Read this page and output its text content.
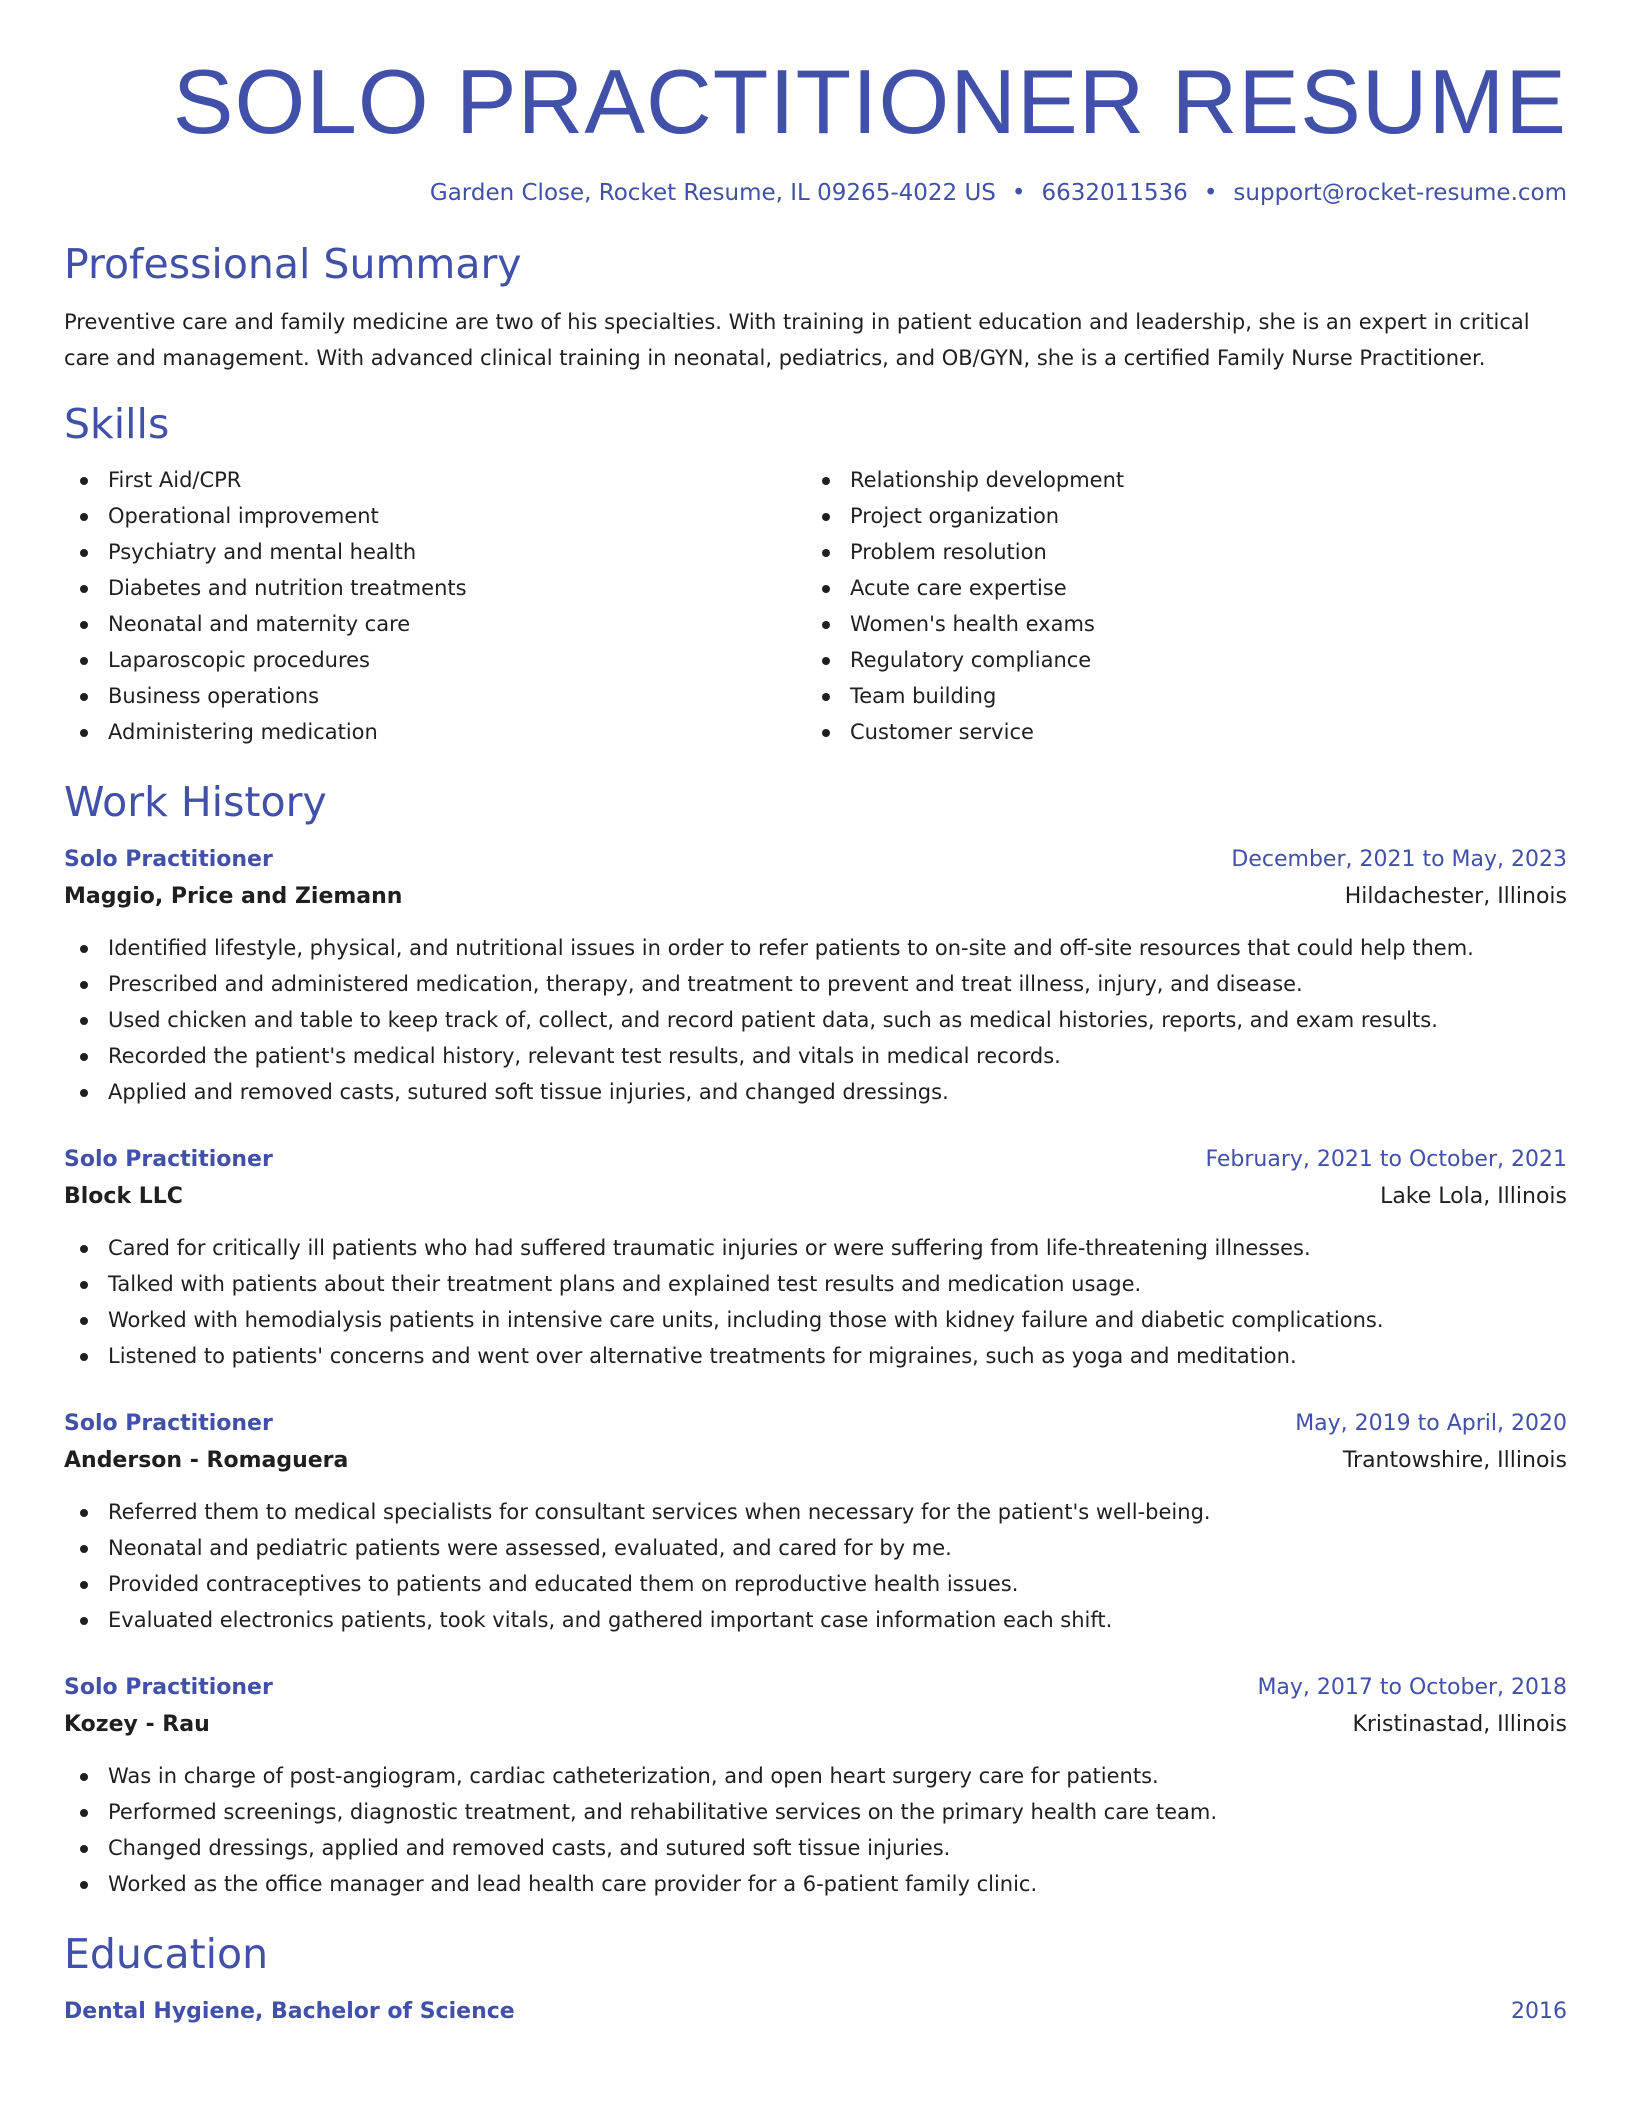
SOLO PRACTITIONER RESUME
Garden Close, Rocket Resume, IL 09265-4022 US • 6632011536 • support@rocket-resume.com
Professional Summary
Preventive care and family medicine are two of his specialties. With training in patient education and leadership, she is an expert in critical care and management. With advanced clinical training in neonatal, pediatrics, and OB/GYN, she is a certified Family Nurse Practitioner.
Skills
First Aid/CPR
Operational improvement
Psychiatry and mental health
Diabetes and nutrition treatments
Neonatal and maternity care
Laparoscopic procedures
Business operations
Administering medication
Relationship development
Project organization
Problem resolution
Acute care expertise
Women's health exams
Regulatory compliance
Team building
Customer service
Work History
Solo Practitioner	December, 2021 to May, 2023
Maggio, Price and Ziemann	Hildachester, Illinois
Identified lifestyle, physical, and nutritional issues in order to refer patients to on-site and off-site resources that could help them.
Prescribed and administered medication, therapy, and treatment to prevent and treat illness, injury, and disease.
Used chicken and table to keep track of, collect, and record patient data, such as medical histories, reports, and exam results.
Recorded the patient's medical history, relevant test results, and vitals in medical records.
Applied and removed casts, sutured soft tissue injuries, and changed dressings.
Solo Practitioner	February, 2021 to October, 2021
Block LLC	Lake Lola, Illinois
Cared for critically ill patients who had suffered traumatic injuries or were suffering from life-threatening illnesses.
Talked with patients about their treatment plans and explained test results and medication usage.
Worked with hemodialysis patients in intensive care units, including those with kidney failure and diabetic complications.
Listened to patients' concerns and went over alternative treatments for migraines, such as yoga and meditation.
Solo Practitioner	May, 2019 to April, 2020
Anderson - Romaguera	Trantowshire, Illinois
Referred them to medical specialists for consultant services when necessary for the patient's well-being.
Neonatal and pediatric patients were assessed, evaluated, and cared for by me.
Provided contraceptives to patients and educated them on reproductive health issues.
Evaluated electronics patients, took vitals, and gathered important case information each shift.
Solo Practitioner	May, 2017 to October, 2018
Kozey - Rau	Kristinastad, Illinois
Was in charge of post-angiogram, cardiac catheterization, and open heart surgery care for patients.
Performed screenings, diagnostic treatment, and rehabilitative services on the primary health care team.
Changed dressings, applied and removed casts, and sutured soft tissue injuries.
Worked as the office manager and lead health care provider for a 6-patient family clinic.
Education
Dental Hygiene, Bachelor of Science	2016
